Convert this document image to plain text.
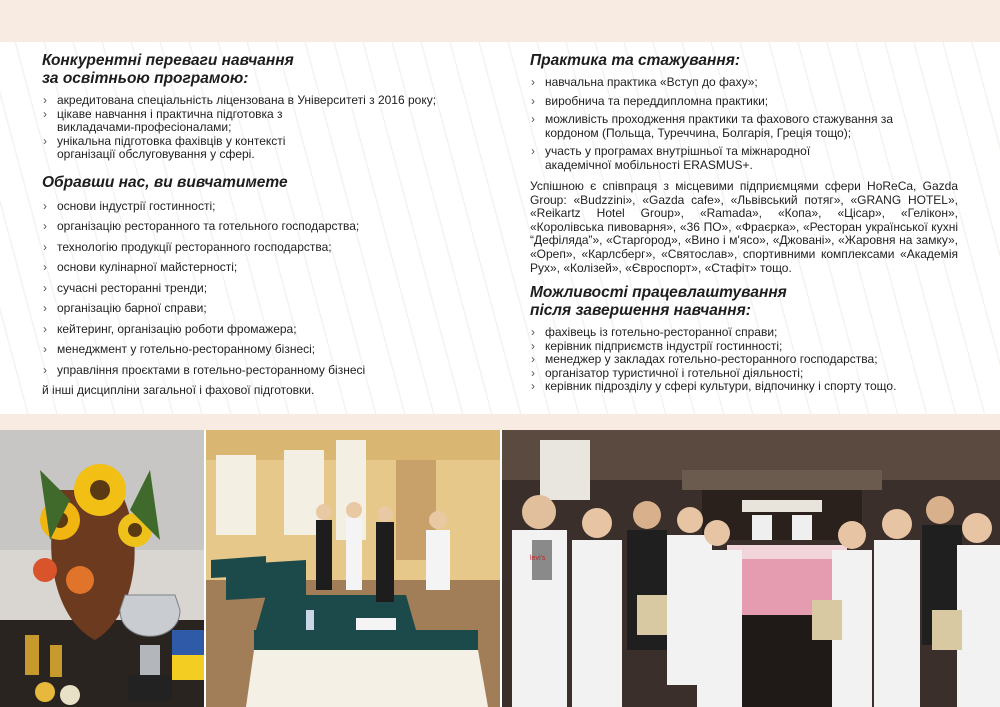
Конкурентні переваги навчання за освітньою програмою:
› акредитована спеціальність ліцензована в Університеті з 2016 року;
› цікаве навчання і практична підготовка з викладачами-професіоналами;
› унікальна підготовка фахівців у контексті організації обслуговування у сфері.
Обравши нас, ви вивчатимете
› основи індустрії гостинності;
› організацію ресторанного та готельного господарства;
› технологію продукції ресторанного господарства;
› основи кулінарної майстерності;
› сучасні ресторанні тренди;
› організацію барної справи;
› кейтеринг, організацію роботи фромажера;
› менеджмент у готельно-ресторанному бізнесі;
› управління проєктами в готельно-ресторанному бізнесі

й інші дисципліни загальної і фахової підготовки.

Практика та стажування:
› навчальна практика «Вступ до фаху»;
› виробнича та переддипломна практики;
› можливість проходження практики та фахового стажування за кордоном (Польща, Туреччина, Болгарія, Греція тощо);
› участь у програмах внутрішньої та міжнародної академічної мобільності ERASMUS+.

Успішною є співпраця з місцевими підприємцями сфери HoReCa, Gazda Group: «Budzzini», «Gazda cafe», «Львівський потяг», «GRANG HOTEL», «Reikartz Hotel Group», «Ramada», «Копа», «Цісар», «Гелікон», «Королівська пивоварня», «36 ПО», «Фраєрка», «Ресторан української кухні “Дефіляда”», «Старгород», «Вино і м'ясо», «Джовані», «Жаровня на замку», «Ореп», «Карлсберг», «Святослав», спортивними комплексами «Академія Рух», «Колізей», «Євроспорт», «Стафіт» тощо.

Можливості працевлаштування після завершення навчання:
› фахівець із готельно-ресторанної справи;
› керівник підприємств індустрії гостинності;
› менеджер у закладах готельно-ресторанного господарства;
› організатор туристичної і готельної діяльності;
› керівник підрозділу у сфері культури, відпочинку і спорту тощо.
levi's
